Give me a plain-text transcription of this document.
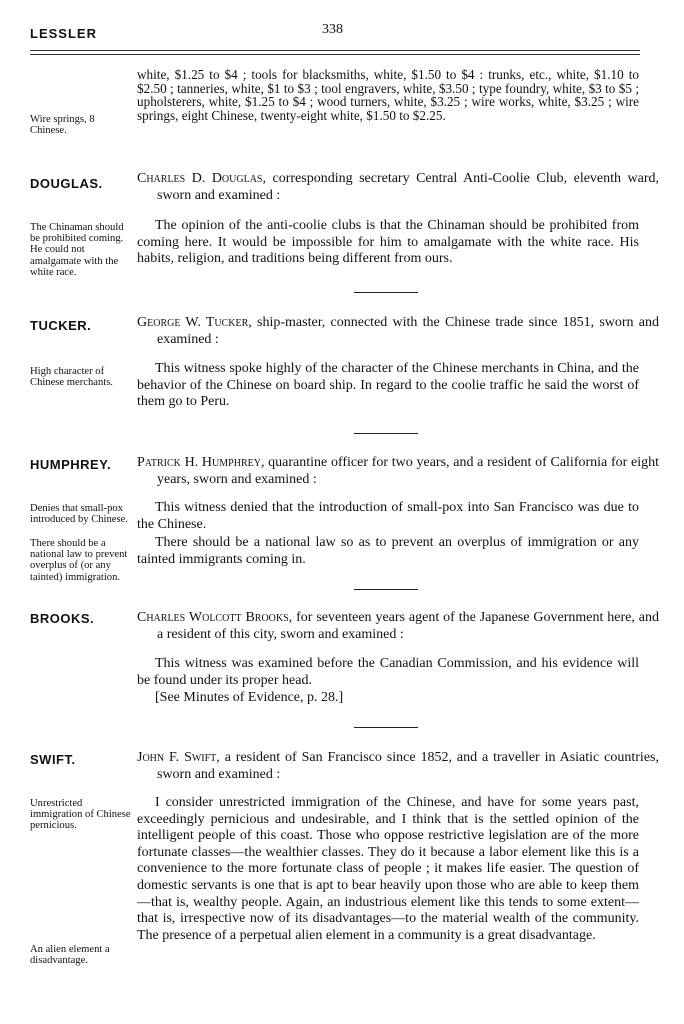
LESSLER	338
white, $1.25 to $4 ; tools for blacksmiths, white, $1.50 to $4 : trunks, etc., white, $1.10 to $2.50 ; tanneries, white, $1 to $3 ; tool engravers, white, $3.50 ; type foundry, white, $3 to $5 ; upholsterers, white, $1.25 to $4 ; wood turners, white, $3.25 ; wire works, white, $3.25 ; wire springs, eight Chinese, twenty-eight white, $1.50 to $2.25.
Wire springs, 8 Chinese.
DOUGLAS. Charles D. Douglas, corresponding secretary Central Anti-Coolie Club, eleventh ward, sworn and examined :
The opinion of the anti-coolie clubs is that the Chinaman should be prohibited from coming here. It would be impossible for him to amalgamate with the white race. His habits, religion, and traditions being different from ours.
The Chinaman should be prohibited coming. He could not amalgamate with the white race.
TUCKER.	George W. Tucker, ship-master, connected with the Chinese trade since 1851, sworn and examined :
This witness spoke highly of the character of the Chinese merchants in China, and the behavior of the Chinese on board ship. In regard to the coolie traffic he said the worst of them go to Peru.
High character of Chinese merchants.
HUMPHREY. Patrick H. Humphrey, quarantine officer for two years, and a resident of California for eight years, sworn and examined :
This witness denied that the introduction of small-pox into San Francisco was due to the Chinese.
There should be a national law so as to prevent an overplus of immigration or any tainted immigrants coming in.
Denies that small-pox introduced by Chinese.
There should be a national law to prevent overplus of (or any tainted) immigration.
BROOKS.	Charles Wolcott Brooks, for seventeen years agent of the Japanese Government here, and a resident of this city, sworn and examined :
This witness was examined before the Canadian Commission, and his evidence will be found under its proper head.
[See Minutes of Evidence, p. 28.]
SWIFT.	John F. Swift, a resident of San Francisco since 1852, and a traveller in Asiatic countries, sworn and examined :
I consider unrestricted immigration of the Chinese, and have for some years past, exceedingly pernicious and undesirable, and I think that is the settled opinion of the intelligent people of this coast. Those who oppose restrictive legislation are of the more fortunate classes—the wealthier classes. They do it because a labor element like this is a convenience to the more fortunate class of people ; it makes life easier. The question of domestic servants is one that is apt to bear heavily upon those who are able to keep them—that is, wealthy people. Again, an industrious element like this tends to some extent—that is, irrespective now of its disadvantages—to the material wealth of the community. The presence of a perpetual alien element in a community is a great disadvantage.
Unrestricted immigration of Chinese pernicious.
An alien element a disadvantage.
